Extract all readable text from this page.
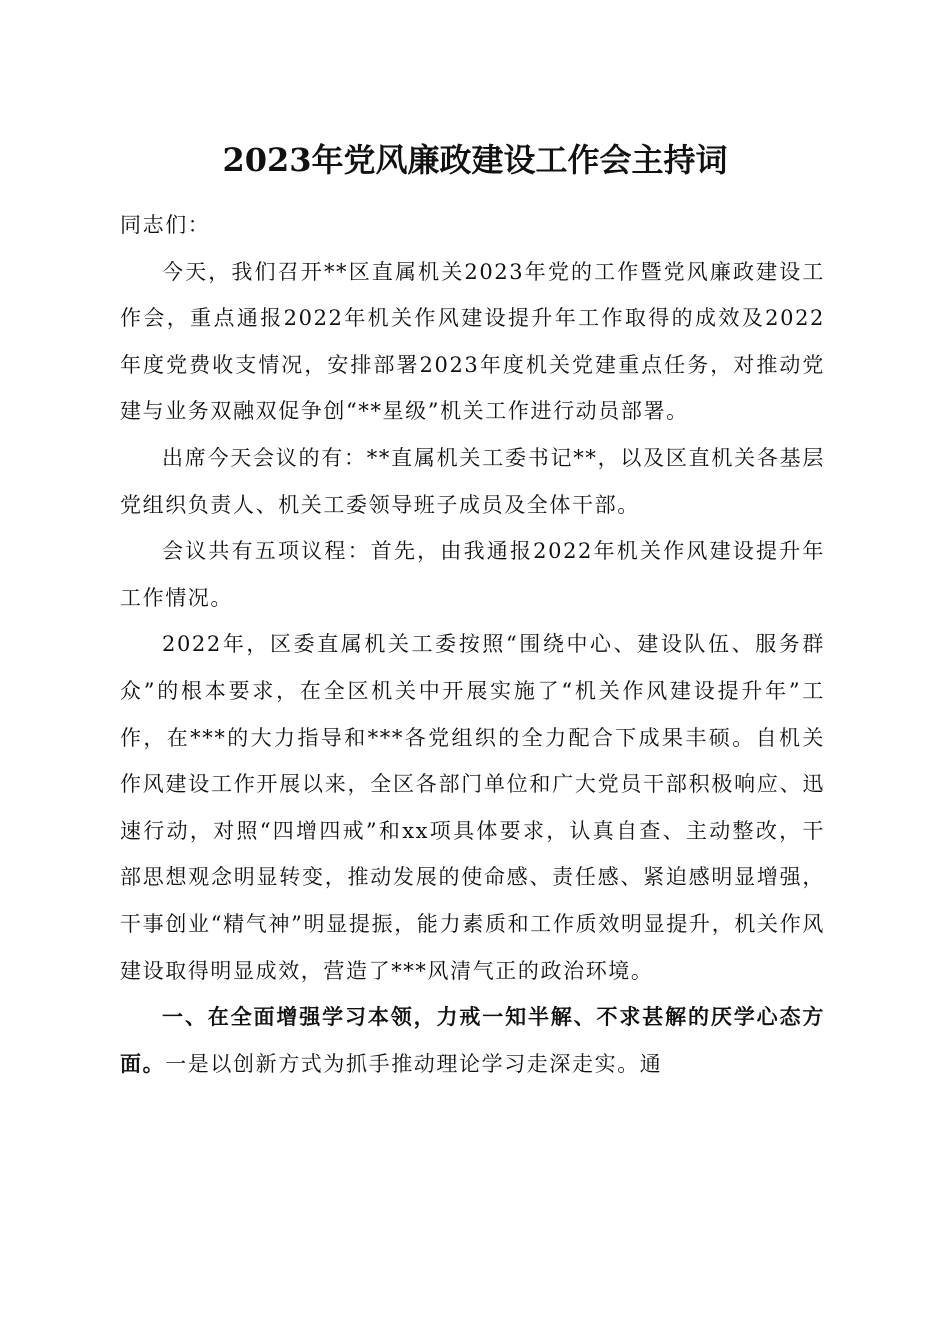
2023年党风廉政建设工作会主持词

同志们：

今天，我们召开**区直属机关2023年党的工作暨党风廉政建设工作会，重点通报2022年机关作风建设提升年工作取得的成效及2022年度党费收支情况，安排部署2023年度机关党建重点任务，对推动党建与业务双融双促争创“**星级”机关工作进行动员部署。

出席今天会议的有：**直属机关工委书记**，以及区直机关各基层党组织负责人、机关工委领导班子成员及全体干部。

会议共有五项议程：首先，由我通报2022年机关作风建设提升年工作情况。

2022年，区委直属机关工委按照“围绕中心、建设队伍、服务群众”的根本要求，在全区机关中开展实施了“机关作风建设提升年”工作，在***的大力指导和***各党组织的全力配合下成果丰硕。自机关作风建设工作开展以来，全区各部门单位和广大党员干部积极响应、迅速行动，对照“四增四戒”和xx项具体要求，认真自查、主动整改，干部思想观念明显转变，推动发展的使命感、责任感、紧迫感明显增强，干事创业“精气神”明显提振，能力素质和工作质效明显提升，机关作风建设取得明显成效，营造了***风清气正的政治环境。

一、在全面增强学习本领，力戒一知半解、不求甚解的厌学心态方面。一是以创新方式为抓手推动理论学习走深走实。通
